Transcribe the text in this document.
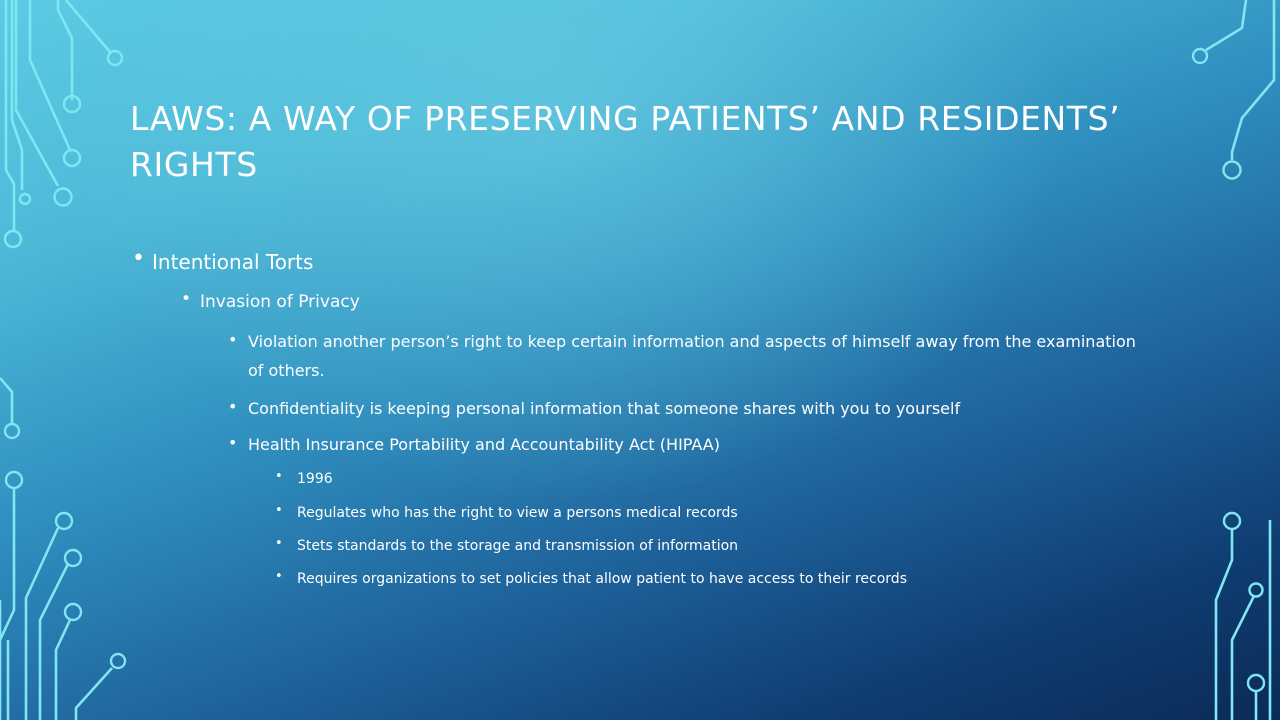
LAWS: A WAY OF PRESERVING PATIENTS’ AND RESIDENTS’ RIGHTS

• Intentional Torts

• Invasion of Privacy

• Violation another person’s right to keep certain information and aspects of himself away from the examination of others.

• Confidentiality is keeping personal information that someone shares with you to yourself

• Health Insurance Portability and Accountability Act (HIPAA)

• 1996

• Regulates who has the right to view a persons medical records

• Stets standards to the storage and transmission of information

• Requires organizations to set policies that allow patient to have access to their records
